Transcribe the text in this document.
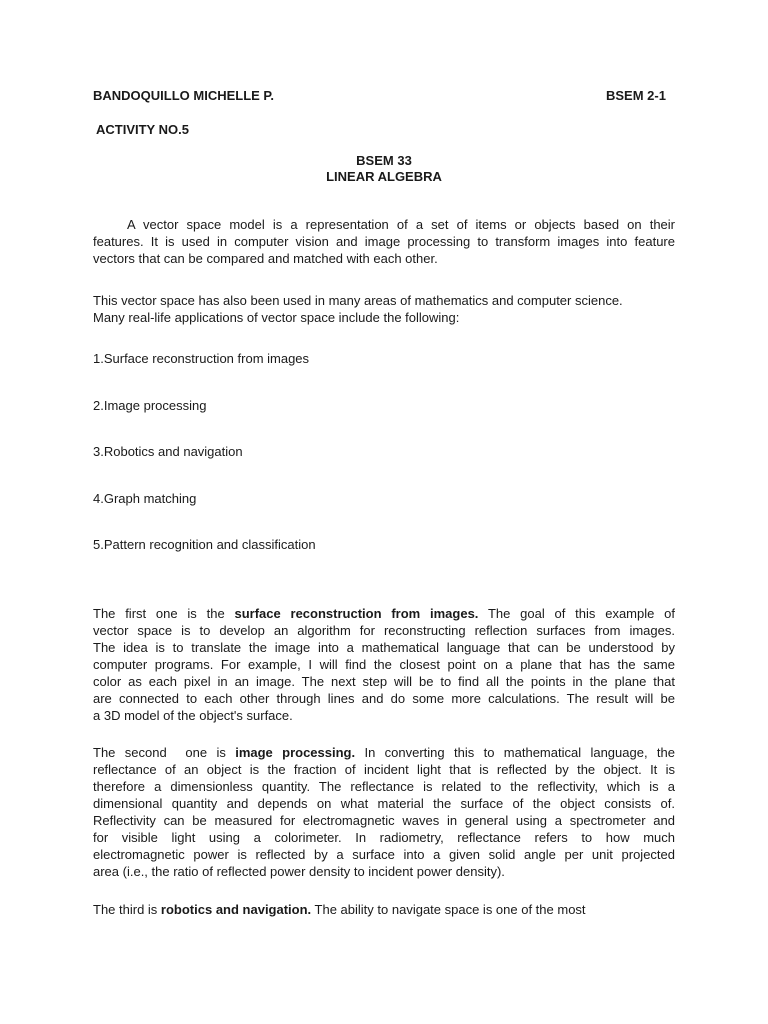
BANDOQUILLO MICHELLE P.	BSEM 2-1
ACTIVITY NO.5
BSEM 33
LINEAR ALGEBRA
A vector space model is a representation of a set of items or objects based on their
features. It is used in computer vision and image processing to transform images into feature
vectors that can be compared and matched with each other.
This vector space has also been used in many areas of mathematics and computer science.
Many real-life applications of vector space include the following:
1.Surface reconstruction from images
2.Image processing
3.Robotics and navigation
4.Graph matching
5.Pattern recognition and classification
The first one is the surface reconstruction from images. The goal of this example of
vector space is to develop an algorithm for reconstructing reflection surfaces from images.
The idea is to translate the image into a mathematical language that can be understood by
computer programs. For example, I will find the closest point on a plane that has the same
color as each pixel in an image. The next step will be to find all the points in the plane that
are connected to each other through lines and do some more calculations. The result will be
a 3D model of the object's surface.
The second  one is image processing. In converting this to mathematical language, the
reflectance of an object is the fraction of incident light that is reflected by the object. It is
therefore a dimensionless quantity. The reflectance is related to the reflectivity, which is a
dimensional quantity and depends on what material the surface of the object consists of.
Reflectivity can be measured for electromagnetic waves in general using a spectrometer and
for visible light using a colorimeter. In radiometry, reflectance refers to how much
electromagnetic power is reflected by a surface into a given solid angle per unit projected
area (i.e., the ratio of reflected power density to incident power density).
The third is robotics and navigation. The ability to navigate space is one of the most
